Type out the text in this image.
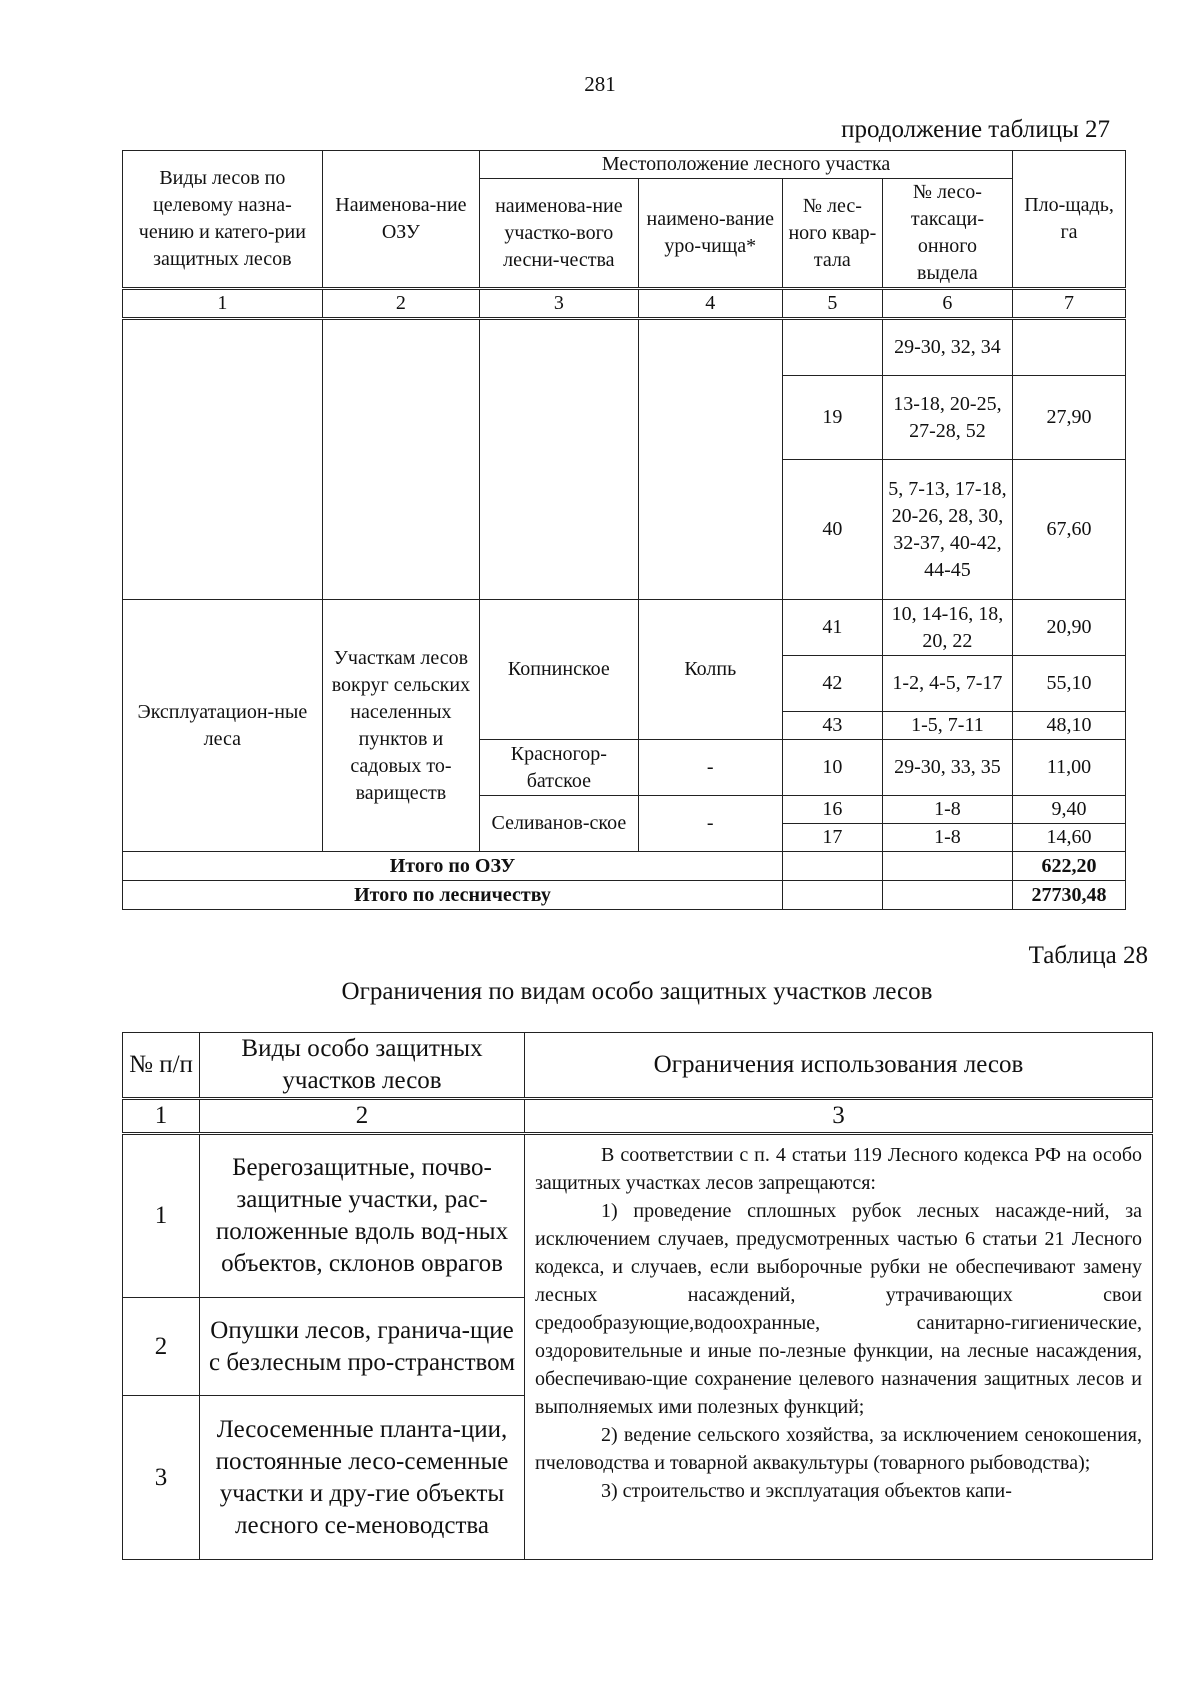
281
продолжение таблицы 27
Виды лесов по целевому назна-чению и катего-рии защитных лесов	Наименова-ние ОЗУ	Местоположение лесного участка				Пло-щадь, га
		наименова-ние участко-вого лесни-чества	наимено-вание уро-чища*	№ лес-ного квар-тала	№ лесо-таксаци-онного выдела	
1	2	3	4	5	6	7
					29-30, 32, 34	
				19	13-18, 20-25, 27-28, 52	27,90
				40	5, 7-13, 17-18, 20-26, 28, 30, 32-37, 40-42, 44-45	67,60
Эксплуатацион-ные леса	Участкам лесов вокруг сельских населенных пунктов и садовых то-вариществ	Копнинское	Колпь	41	10, 14-16, 18, 20, 22	20,90
				42	1-2, 4-5, 7-17	55,10
				43	1-5, 7-11	48,10
		Красногор-батское	-	10	29-30, 33, 35	11,00
		Селиванов-ское	-	16	1-8	9,40
				17	1-8	14,60
Итого по ОЗУ						622,20
Итого по лесничеству						27730,48
Таблица 28
Ограничения по видам особо защитных участков лесов
№ п/п	Виды особо защитных участков лесов	Ограничения использования лесов
1	2	3
1	Берегозащитные, почво-защитные участки, рас-положенные вдоль вод-ных объектов, склонов оврагов	В соответствии с п. 4 статьи 119 Лесного кодекса РФ на особо защитных участках лесов запрещаются:

1) проведение сплошных рубок лесных насажде-ний, за исключением случаев, предусмотренных частью 6 статьи 21 Лесного кодекса, и случаев, если выборочные рубки не обеспечивают замену лесных насаждений, утрачивающих свои средообразующие,водоохранные, санитарно-гигиенические, оздоровительные и иные по-лезные функции, на лесные насаждения, обеспечиваю-щие сохранение целевого назначения защитных лесов и выполняемых ими полезных функций;

2) ведение сельского хозяйства, за исключением сенокошения, пчеловодства и товарной аквакультуры (товарного рыбоводства);

3) строительство и эксплуатация объектов капи-

2	Опушки лесов, гранича-щие с безлесным про-странством	
3	Лесосеменные планта-ции, постоянные лесо-семенные участки и дру-гие объекты лесного се-меноводства	
